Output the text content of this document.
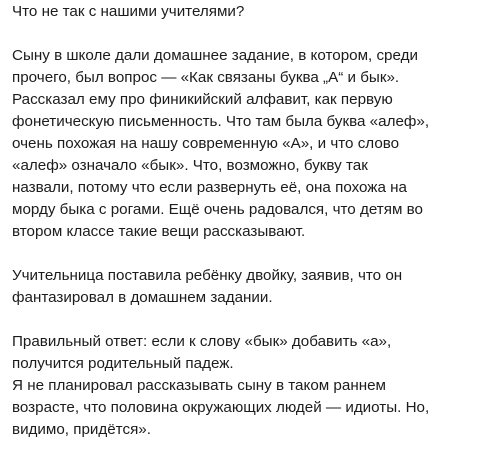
Что не так с нашими учителями?
Сыну в школе дали домашнее задание, в котором, среди
прочего, был вопрос — «Как связаны буква „А“ и бык».
Рассказал ему про финикийский алфавит, как первую
фонетическую письменность. Что там была буква «алеф»,
очень похожая на нашу современную «А», и что слово
«алеф» означало «бык». Что, возможно, букву так
назвали, потому что если развернуть её, она похожа на
морду быка с рогами. Ещё очень радовался, что детям во
втором классе такие вещи рассказывают.
Учительница поставила ребёнку двойку, заявив, что он
фантазировал в домашнем задании.
Правильный ответ: если к слову «бык» добавить «а»,
получится родительный падеж.
Я не планировал рассказывать сыну в таком раннем
возрасте, что половина окружающих людей — идиоты. Но,
видимо, придётся».
